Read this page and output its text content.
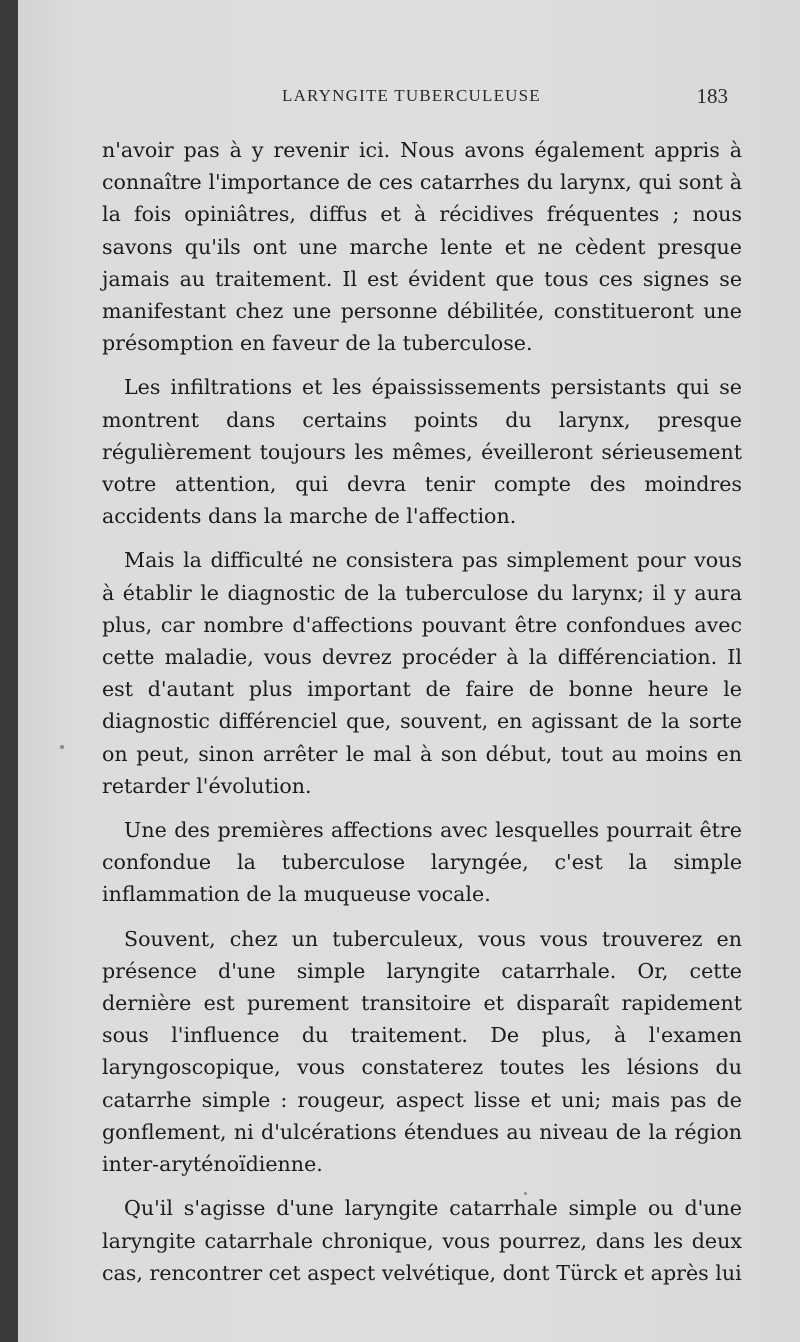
LARYNGITE TUBERCULEUSE	183

n'avoir pas à y revenir ici. Nous avons également appris à connaître l'importance de ces catarrhes du larynx, qui sont à la fois opiniâtres, diffus et à récidives fréquentes ; nous savons qu'ils ont une marche lente et ne cèdent presque jamais au traitement. Il est évident que tous ces signes se manifestant chez une personne débilitée, constitueront une présomption en faveur de la tuberculose.

Les infiltrations et les épaississements persistants qui se montrent dans certains points du larynx, presque régulièrement toujours les mêmes, éveilleront sérieusement votre attention, qui devra tenir compte des moindres accidents dans la marche de l'affection.

Mais la difficulté ne consistera pas simplement pour vous à établir le diagnostic de la tuberculose du larynx; il y aura plus, car nombre d'affections pouvant être confondues avec cette maladie, vous devrez procéder à la différenciation. Il est d'autant plus important de faire de bonne heure le diagnostic différenciel que, souvent, en agissant de la sorte on peut, sinon arrêter le mal à son début, tout au moins en retarder l'évolution.

Une des premières affections avec lesquelles pourrait être confondue la tuberculose laryngée, c'est la simple inflammation de la muqueuse vocale.

Souvent, chez un tuberculeux, vous vous trouverez en présence d'une simple laryngite catarrhale. Or, cette dernière est purement transitoire et disparaît rapidement sous l'influence du traitement. De plus, à l'examen laryngoscopique, vous constaterez toutes les lésions du catarrhe simple : rougeur, aspect lisse et uni; mais pas de gonflement, ni d'ulcérations étendues au niveau de la région inter-aryténoïdienne.

Qu'il s'agisse d'une laryngite catarrhale simple ou d'une laryngite catarrhale chronique, vous pourrez, dans les deux cas, rencontrer cet aspect velvétique, dont Türck et après lui
